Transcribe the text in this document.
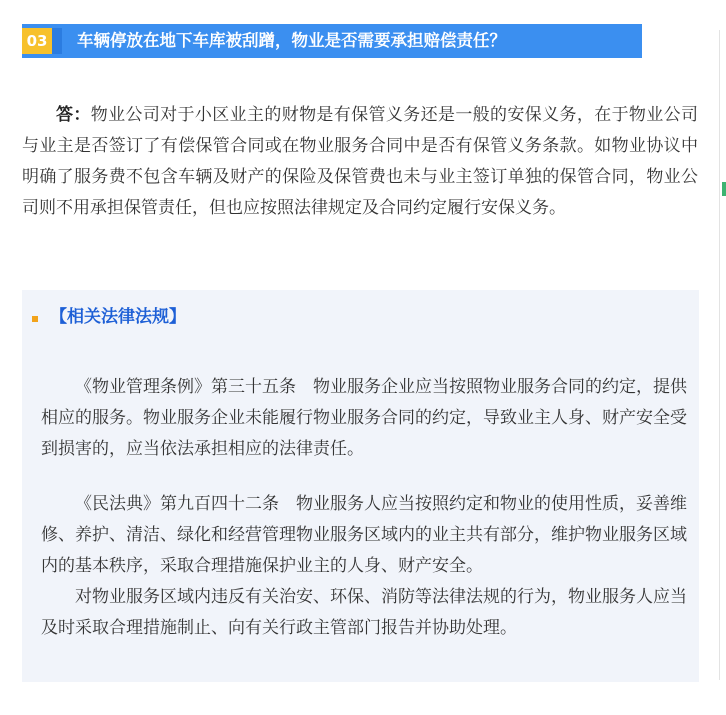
03 车辆停放在地下车库被刮蹭，物业是否需要承担赔偿责任？

答：物业公司对于小区业主的财物是有保管义务还是一般的安保义务，在于物业公司与业主是否签订了有偿保管合同或在物业服务合同中是否有保管义务条款。如物业协议中明确了服务费不包含车辆及财产的保险及保管费也未与业主签订单独的保管合同，物业公司则不用承担保管责任，但也应按照法律规定及合同约定履行安保义务。

【相关法律法规】

《物业管理条例》第三十五条　物业服务企业应当按照物业服务合同的约定，提供相应的服务。物业服务企业未能履行物业服务合同的约定，导致业主人身、财产安全受到损害的，应当依法承担相应的法律责任。

《民法典》第九百四十二条　物业服务人应当按照约定和物业的使用性质，妥善维修、养护、清洁、绿化和经营管理物业服务区域内的业主共有部分，维护物业服务区域内的基本秩序，采取合理措施保护业主的人身、财产安全。

对物业服务区域内违反有关治安、环保、消防等法律法规的行为，物业服务人应当及时采取合理措施制止、向有关行政主管部门报告并协助处理。
